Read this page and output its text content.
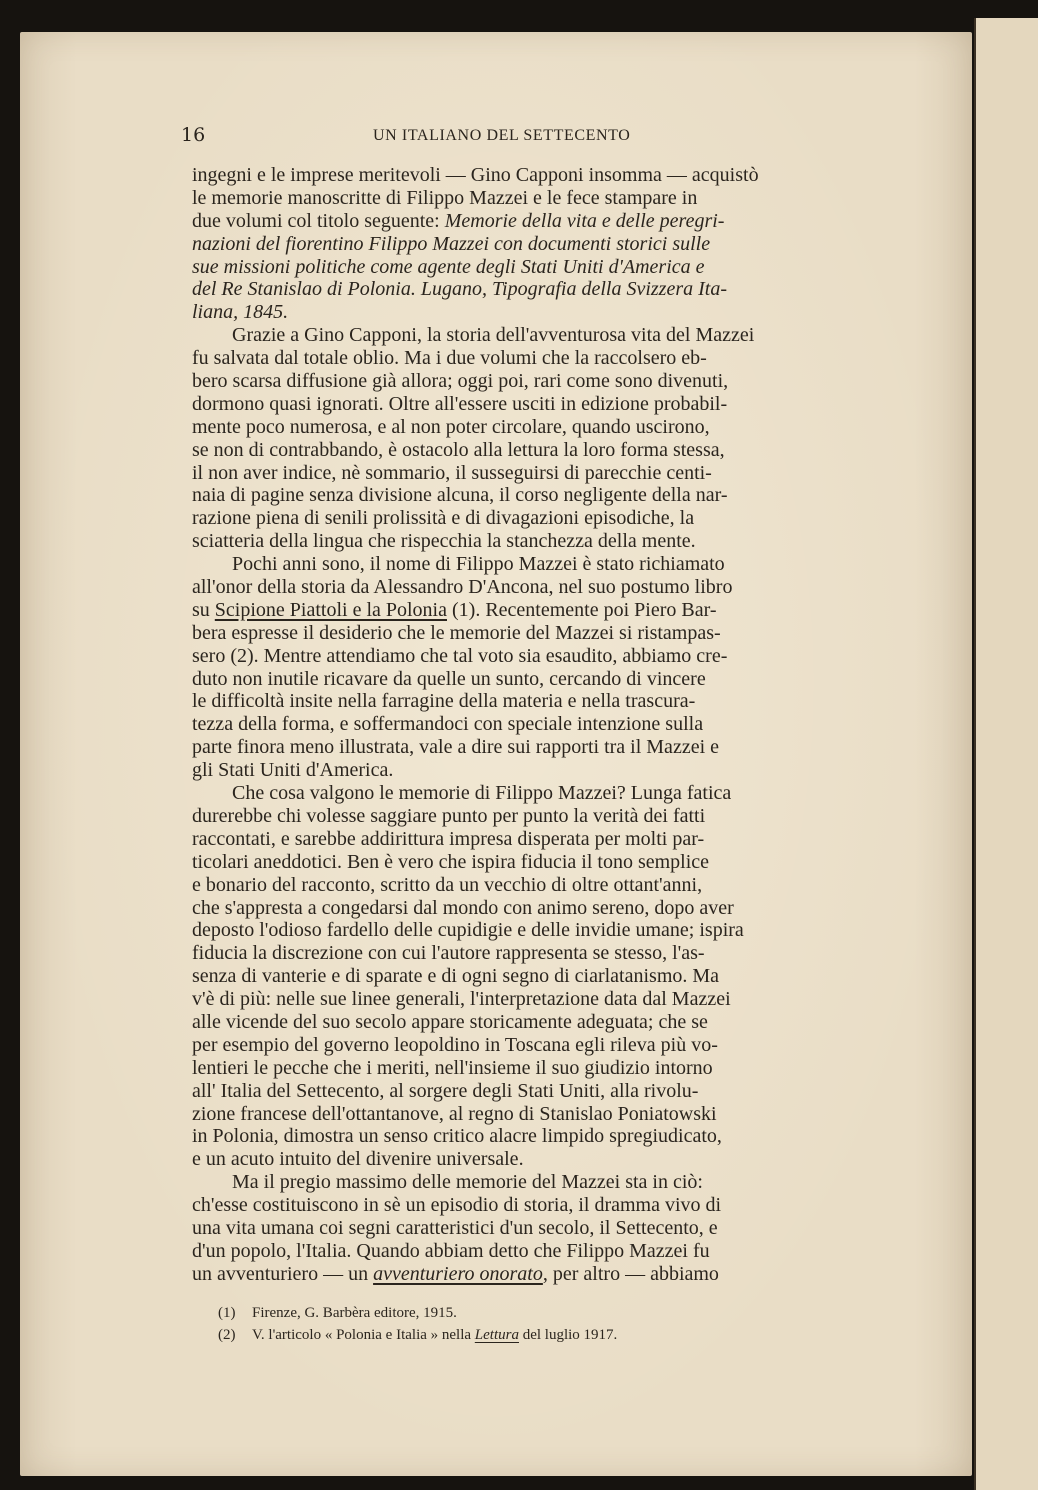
16	UN ITALIANO DEL SETTECENTO
ingegni e le imprese meritevoli — Gino Capponi insomma — acquistò
le memorie manoscritte di Filippo Mazzei e le fece stampare in
due volumi col titolo seguente: Memorie della vita e delle peregri-
nazioni del fiorentino Filippo Mazzei con documenti storici sulle
sue missioni politiche come agente degli Stati Uniti d'America e
del Re Stanislao di Polonia. Lugano, Tipografia della Svizzera Ita-
liana, 1845.
Grazie a Gino Capponi, la storia dell'avventurosa vita del Mazzei
fu salvata dal totale oblio. Ma i due volumi che la raccolsero eb-
bero scarsa diffusione già allora; oggi poi, rari come sono divenuti,
dormono quasi ignorati. Oltre all'essere usciti in edizione probabil-
mente poco numerosa, e al non poter circolare, quando uscirono,
se non di contrabbando, è ostacolo alla lettura la loro forma stessa,
il non aver indice, nè sommario, il susseguirsi di parecchie centi-
naia di pagine senza divisione alcuna, il corso negligente della nar-
razione piena di senili prolissità e di divagazioni episodiche, la
sciatteria della lingua che rispecchia la stanchezza della mente.
Pochi anni sono, il nome di Filippo Mazzei è stato richiamato
all'onor della storia da Alessandro D'Ancona, nel suo postumo libro
su Scipione Piattoli e la Polonia (1). Recentemente poi Piero Bar-
bera espresse il desiderio che le memorie del Mazzei si ristampas-
sero (2). Mentre attendiamo che tal voto sia esaudito, abbiamo cre-
duto non inutile ricavare da quelle un sunto, cercando di vincere
le difficoltà insite nella farragine della materia e nella trascura-
tezza della forma, e soffermandoci con speciale intenzione sulla
parte finora meno illustrata, vale a dire sui rapporti tra il Mazzei e
gli Stati Uniti d'America.
Che cosa valgono le memorie di Filippo Mazzei? Lunga fatica
durerebbe chi volesse saggiare punto per punto la verità dei fatti
raccontati, e sarebbe addirittura impresa disperata per molti par-
ticolari aneddotici. Ben è vero che ispira fiducia il tono semplice
e bonario del racconto, scritto da un vecchio di oltre ottant'anni,
che s'appresta a congedarsi dal mondo con animo sereno, dopo aver
deposto l'odioso fardello delle cupidigie e delle invidie umane; ispira
fiducia la discrezione con cui l'autore rappresenta se stesso, l'as-
senza di vanterie e di sparate e di ogni segno di ciarlatanismo. Ma
v'è di più: nelle sue linee generali, l'interpretazione data dal Mazzei
alle vicende del suo secolo appare storicamente adeguata; che se
per esempio del governo leopoldino in Toscana egli rileva più vo-
lentieri le pecche che i meriti, nell'insieme il suo giudizio intorno
all' Italia del Settecento, al sorgere degli Stati Uniti, alla rivolu-
zione francese dell'ottantanove, al regno di Stanislao Poniatowski
in Polonia, dimostra un senso critico alacre limpido spregiudicato,
e un acuto intuito del divenire universale.
Ma il pregio massimo delle memorie del Mazzei sta in ciò:
ch'esse costituiscono in sè un episodio di storia, il dramma vivo di
una vita umana coi segni caratteristici d'un secolo, il Settecento, e
d'un popolo, l'Italia. Quando abbiam detto che Filippo Mazzei fu
un avventuriero — un avventuriero onorato, per altro — abbiamo
(1) Firenze, G. Barbèra editore, 1915.
(2) V. l'articolo « Polonia e Italia » nella Lettura del luglio 1917.
